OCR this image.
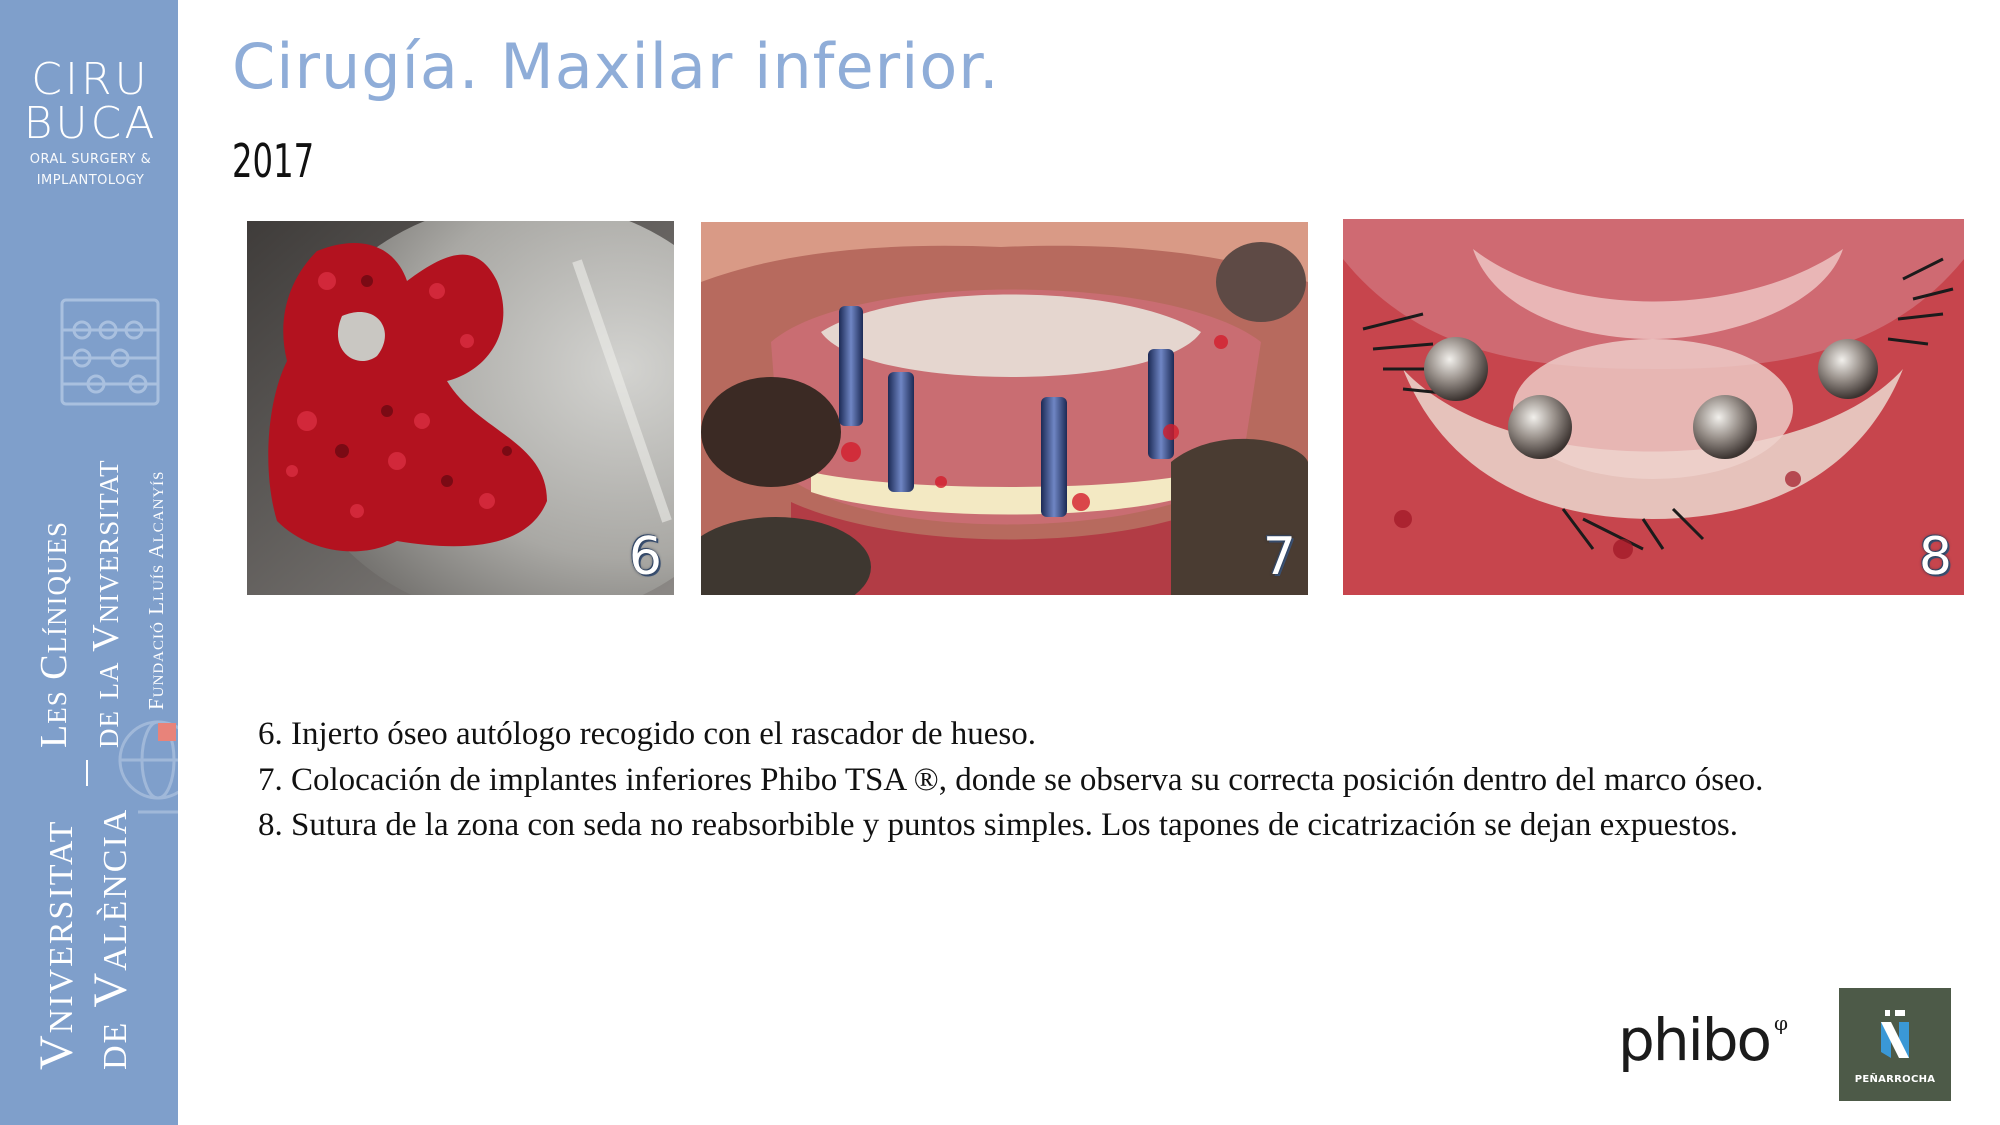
CIRU
BUCA
ORAL SURGERY &
IMPLANTOLOGY
Vniversitat de València
Les Clíniques de la Vniversitat Fundació Lluís Alcanyís
Cirugía. Maxilar inferior.
2017
6	7	8

6. Injerto óseo autólogo recogido con el rascador de hueso.

7. Colocación de implantes inferiores Phibo TSA ®, donde se observa su correcta posición dentro del marco óseo.

8. Sutura de la zona con seda no reabsorbible y puntos simples. Los tapones de cicatrización se dejan expuestos.

phibo $^\varphi$
PEÑARROCHA
